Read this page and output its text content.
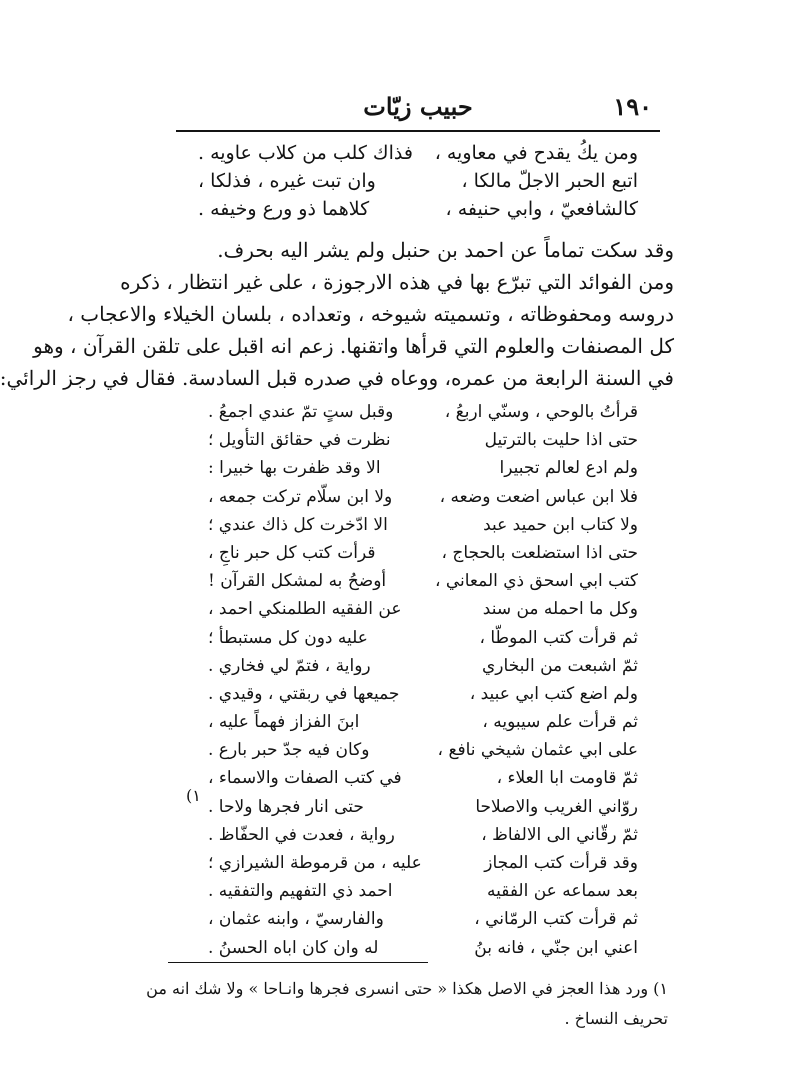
١٩٠
حبيب زيّات
ومن يكُ يقدح في معاويه ،
فذاك كلب من كلاب عاويه .
اتبع الحبر الاجلّ مالكا ،
وان تبت غيره ، فذلكا ،
كالشافعيّ ، وابي حنيفه ،
كلاهما ذو ورع وخيفه .
وقد سكت تماماً عن احمد بن حنبل ولم يشر اليه بحرف.
ومن الفوائد التي تبرّع بها في هذه الارجوزة ، على غير انتظار ، ذكره
دروسه ومحفوظاته ، وتسميته شيوخه ، وتعداده ، بلسان الخيلاء والاعجاب ،
كل المصنفات والعلوم التي قرأها واتقنها. زعم انه اقبل على تلقن القرآن ، وهو
في السنة الرابعة من عمره، ووعاه في صدره قبل السادسة. فقال في رجز الرائي:
قرأتُ بالوحي ، وسنّي اربعُ ،
وقبل ستٍ تمّ عندي اجمعُ .
حتى اذا حليت بالترتيل
نظرت في حقائق التأويل ؛
ولم ادع لعالم تجبيرا
الا وقد ظفرت بها خبيرا :
فلا ابن عباس اضعت وضعه ،
ولا ابن سلّام تركت جمعه ،
ولا كتاب ابن حميد عبد
الا ادّخرت كل ذاك عندي ؛
حتى اذا استضلعت بالحجاج ،
قرأت كتب كل حبر ناجِ ،
كتب ابي اسحق ذي المعاني ،
أوضحُ به لمشكل القرآن !
وكل ما احمله من سند
عن الفقيه الطلمنكي احمد ،
ثم قرأت كتب الموطّا ،
عليه دون كل مستبطأ ؛
ثمّ اشبعت من البخاري
رواية ، فتمّ لي فخاري .
ولم اضع كتب ابي عبيد ،
جميعها في ربقتي ، وقيدي .
ثم قرأت علم سيبويه ،
ابنَ الفزاز فهماً عليه ،
على ابي عثمان شيخي نافع ،
وكان فيه جدّ حبر بارع .
ثمّ قاومت ابا العلاء ،
في كتب الصفات والاسماء ،
روّاني الغريب والاصلاحا
حتى انار فجرها ولاحا .
ثمّ رقّاني الى الالفاظ ،
رواية ، فعدت في الحفّاظ .
وقد قرأت كتب المجاز
عليه ، من قرموطة الشيرازي ؛
بعد سماعه عن الفقيه
احمد ذي التفهيم والتفقيه .
ثم قرأت كتب الرمّاني ،
والفارسيّ ، وابنه عثمان ،
اعني ابن جنّي ، فانه بنُ
له وان كان اباه الحسنُ .
١)
١) ورد هذا العجز في الاصل هكذا « حتى انسرى فجرها وانـاحا » ولا شك انه من
تحريف النساخ .
